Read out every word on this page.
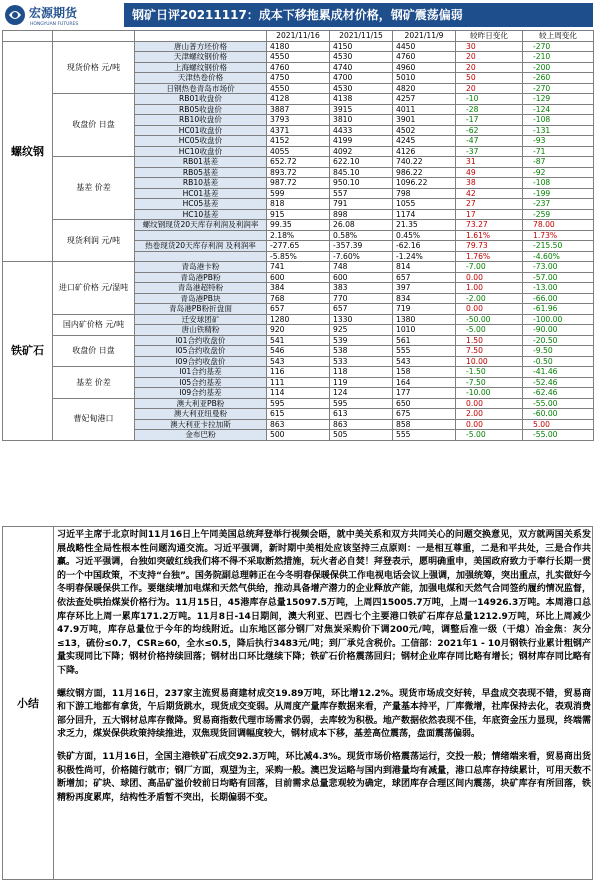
宏源期货
HONGYUAN FUTURES
钢矿日评20211117：成本下移拖累成材价格，钢矿震荡偏弱
			2021/11/16	2021/11/15	2021/11/9	较昨日变化	较上周变化
螺纹钢	现货价格 元/吨	唐山普方坯价格	4180	4150	4450	30	-270
		天津螺纹钢价格	4550	4530	4760	20	-210
		上海螺纹钢价格	4760	4740	4960	20	-200
		天津热卷价格	4750	4700	5010	50	-260
		日钢热卷青岛市场价	4550	4530	4820	20	-270
	收盘价 日盘	RB01收盘价	4128	4138	4257	-10	-129
		RB05收盘价	3887	3915	4011	-28	-124
		RB10收盘价	3793	3810	3901	-17	-108
		HC01收盘价	4371	4433	4502	-62	-131
		HC05收盘价	4152	4199	4245	-47	-93
		HC10收盘价	4055	4092	4126	-37	-71
	基差 价差	RB01基差	652.72	622.10	740.22	31	-87
		RB05基差	893.72	845.10	986.22	49	-92
		RB10基差	987.72	950.10	1096.22	38	-108
		HC01基差	599	557	798	42	-199
		HC05基差	818	791	1055	27	-237
		HC10基差	915	898	1174	17	-259
	现货利润 元/吨	螺纹钢现货20天库存利润及利润率	99.35	26.08	21.35	73.27	78.00
			2.18%	0.58%	0.45%	1.61%	1.73%
		热卷现货20天库存利润 及利润率	-277.65	-357.39	-62.16	79.73	-215.50
			-5.85%	-7.60%	-1.24%	1.76%	-4.60%
铁矿石	进口矿价格 元/湿吨	青岛港卡粉	741	748	814	-7.00	-73.00
		青岛港PB粉	600	600	657	0.00	-57.00
		青岛港超特粉	384	383	397	1.00	-13.00
		青岛港PB块	768	770	834	-2.00	-66.00
		青岛港PB粉折盘面	657	657	719	0.00	-61.96
	国内矿价格 元/吨	迁安球团矿	1280	1330	1380	-50.00	-100.00
		唐山铁精粉	920	925	1010	-5.00	-90.00
	收盘价 日盘	I01合约收盘价	541	539	561	1.50	-20.50
		I05合约收盘价	546	538	555	7.50	-9.50
		I09合约收盘价	543	533	543	10.00	-0.50
	基差 价差	I01合约基差	116	118	158	-1.50	-41.46
		I05合约基差	111	119	164	-7.50	-52.46
		I09合约基差	114	124	177	-10.00	-62.46
	曹妃甸港口	澳大利亚PB粉	595	595	650	0.00	-55.00
		澳大利亚纽曼粉	615	613	675	2.00	-60.00
		澳大利亚卡拉加斯	863	863	858	0.00	5.00
		金布巴粉	500	505	555	-5.00	-55.00
小结

习近平主席于北京时间11月16日上午同美国总统拜登举行视频会晤，就中美关系和双方共同关心的问题交换意见，双方就两国关系发展战略性全局性根本性问题沟通交流。习近平强调，新时期中美相处应该坚持三点原则：一是相互尊重，二是和平共处，三是合作共赢。习近平强调，台独如突破红线我们将不得不采取断然措施，玩火者必自焚！拜登表示，愿明确重申，美国政府致力于奉行长期一贯的一个中国政策，不支持“台独”。国务院副总理韩正在今冬明春保暖保供工作电视电话会议上强调，加强统筹，突出重点，扎实做好今冬明春保暖保供工作。要继续增加电煤和天然气供给，推动具备增产潜力的企业释放产能，加强电煤和天然气合同签约履约情况监督，依法查处哄抬煤炭价格行为。11月15日，45港库存总量15097.5万吨，上周四15005.7万吨，上周一14926.3万吨。本周港口总库存环比上周一累库171.2万吨。11月8日-14日期间，澳大利亚、巴西七个主要港口铁矿石库存总量1212.9万吨，环比上周减少47.9万吨，库存总量位于今年的均线附近。山东地区部分钢厂对焦炭采购价下调200元/吨，调整后准一级（干熄）冶金焦：灰分≤13，硫份≤0.7，CSR≥60，全水≤0.5，降后执行3483元/吨；到厂承兑含税价。工信部：2021年1 - 10月钢铁行业累计粗钢产量实现同比下降；钢材价格持续回落；钢材出口环比继续下降；铁矿石价格震荡回归；钢材企业库存同比略有增长；钢材库存同比略有下降。

螺纹钢方面，11月16日，237家主流贸易商建材成交19.89万吨，环比增12.2%。现货市场成交好转，早盘成交表现不错，贸易商和下游工地都有拿货，午后期货跳水，现货成交变弱。从周度产量库存数据来看，产量基本持平，厂库微增，社库保持去化，表观消费部分回升，五大钢材总库存微降。贸易商指数代理市场需求仍弱，去库较为积极。地产数据依然表现不佳，年底资金压力显现，终端需求乏力，煤炭保供政策持续推进，双焦现货回调幅度较大，钢材成本下移，基差高位震荡，盘面震荡偏弱。

铁矿方面，11月16日，全国主港铁矿石成交92.3万吨，环比减4.3%。现货市场价格震荡运行，交投一般；情绪端来看，贸易商出货积极性尚可，价格随行就市；钢厂方面，观望为主，采购一般。澳巴发运略与国内到港量均有减量，港口总库存持续累计，可用天数不断增加；矿块、球团、高品矿溢价较前日均略有回落，目前需求总量悲观较为确定，球团库存合理区间内震荡，块矿库存有所回落，铁精粉再度累库，结构性矛盾暂不突出，长期偏弱不变。
